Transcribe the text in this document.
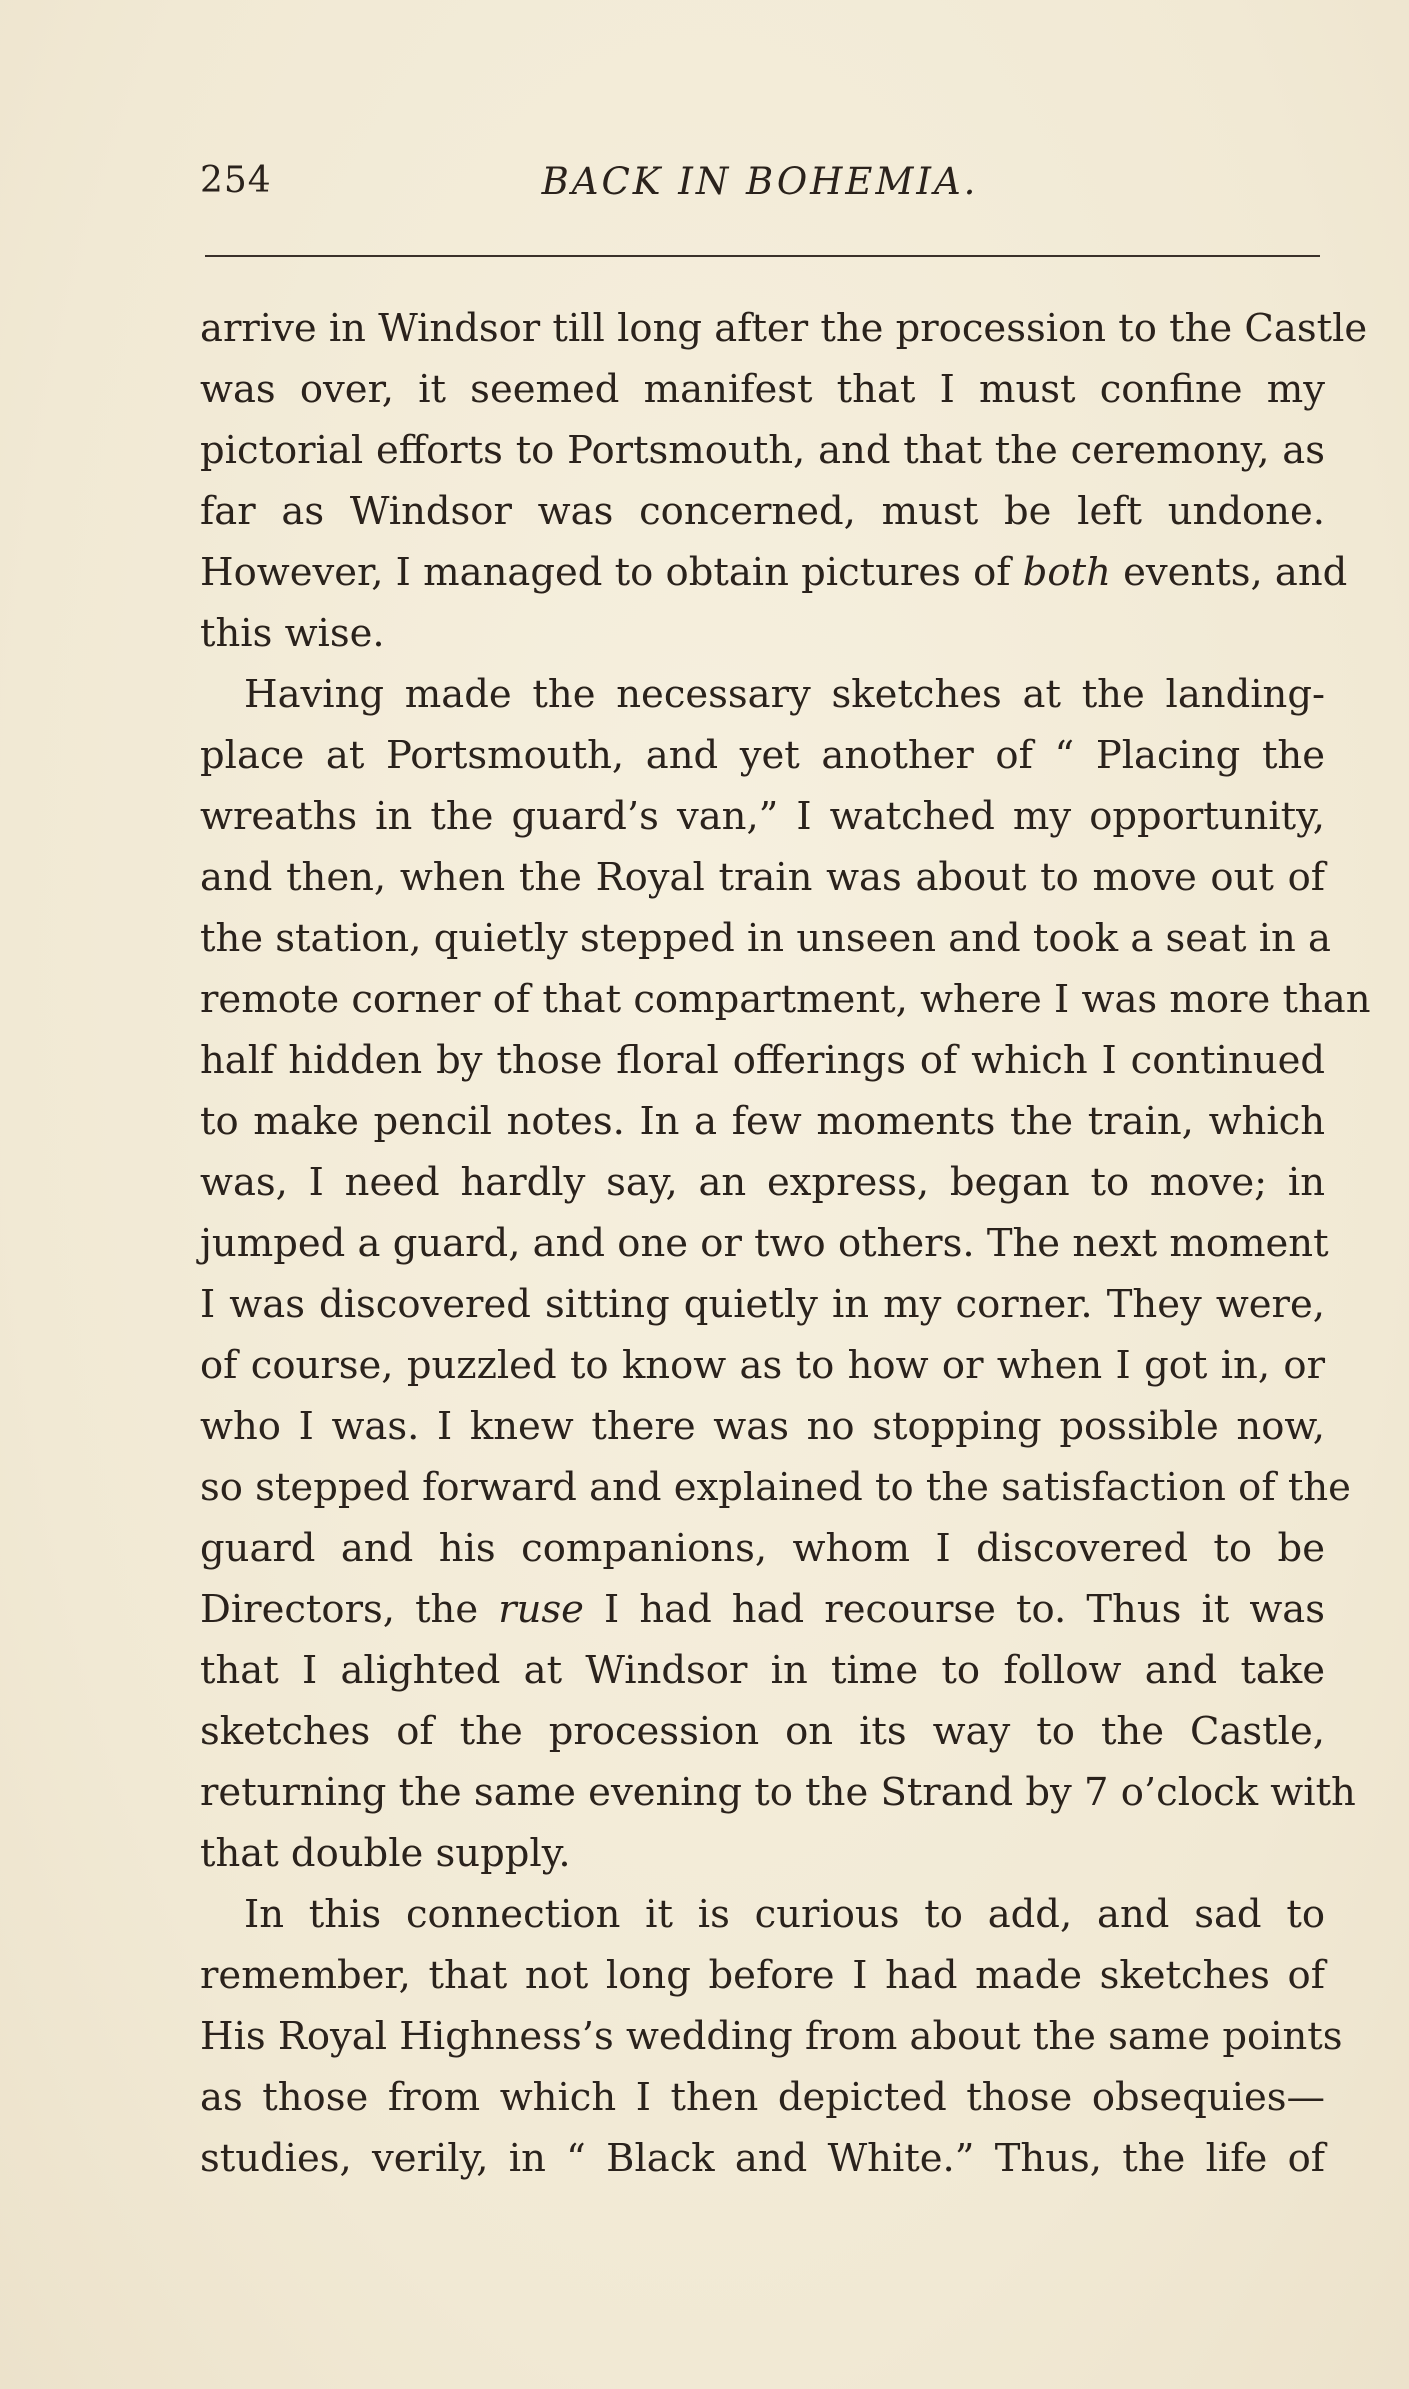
254	BACK IN BOHEMIA.
arrive in Windsor till long after the procession to the Castle
was over, it seemed manifest that I must confine my
pictorial efforts to Portsmouth, and that the ceremony, as
far as Windsor was concerned, must be left undone.
However, I managed to obtain pictures of both events, and
this wise.
Having made the necessary sketches at the landing-
place at Portsmouth, and yet another of “ Placing the
wreaths in the guard’s van,” I watched my opportunity,
and then, when the Royal train was about to move out of
the station, quietly stepped in unseen and took a seat in a
remote corner of that compartment, where I was more than
half hidden by those floral offerings of which I continued
to make pencil notes. In a few moments the train, which
was, I need hardly say, an express, began to move; in
jumped a guard, and one or two others. The next moment
I was discovered sitting quietly in my corner. They were,
of course, puzzled to know as to how or when I got in, or
who I was. I knew there was no stopping possible now,
so stepped forward and explained to the satisfaction of the
guard and his companions, whom I discovered to be
Directors, the ruse I had had recourse to. Thus it was
that I alighted at Windsor in time to follow and take
sketches of the procession on its way to the Castle,
returning the same evening to the Strand by 7 o’clock with
that double supply.
In this connection it is curious to add, and sad to
remember, that not long before I had made sketches of
His Royal Highness’s wedding from about the same points
as those from which I then depicted those obsequies—
studies, verily, in “ Black and White.” Thus, the life of
